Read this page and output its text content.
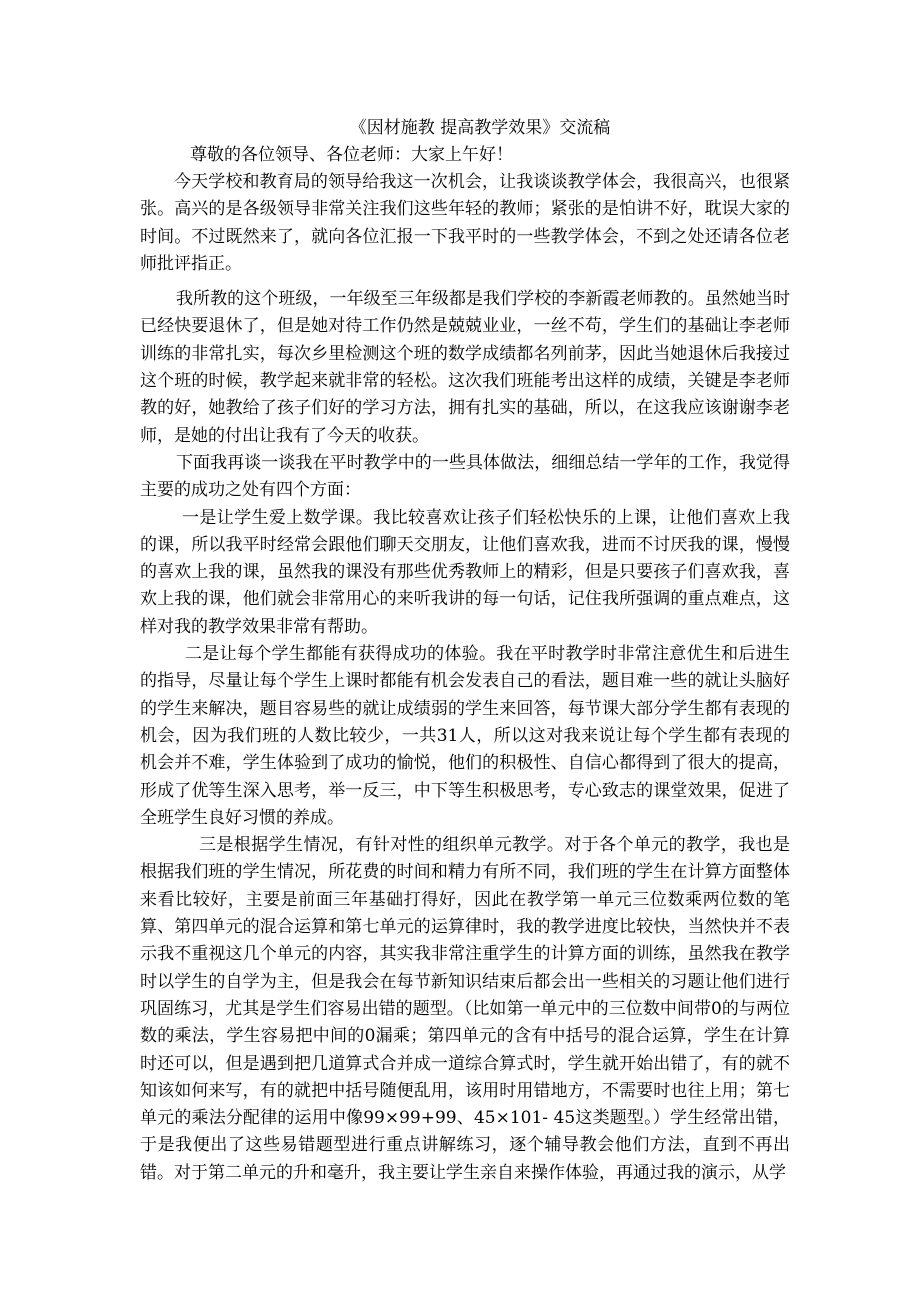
《因材施教 提高教学效果》交流稿

尊敬的各位领导、各位老师：大家上午好！

今天学校和教育局的领导给我这一次机会，让我谈谈教学体会，我很高兴，也很紧张。高兴的是各级领导非常关注我们这些年轻的教师；紧张的是怕讲不好，耽误大家的时间。不过既然来了，就向各位汇报一下我平时的一些教学体会，不到之处还请各位老师批评指正。

我所教的这个班级，一年级至三年级都是我们学校的李新霞老师教的。虽然她当时已经快要退休了，但是她对待工作仍然是兢兢业业，一丝不苟，学生们的基础让李老师训练的非常扎实，每次乡里检测这个班的数学成绩都名列前茅，因此当她退休后我接过这个班的时候，教学起来就非常的轻松。这次我们班能考出这样的成绩，关键是李老师教的好，她教给了孩子们好的学习方法，拥有扎实的基础，所以，在这我应该谢谢李老师，是她的付出让我有了今天的收获。

下面我再谈一谈我在平时教学中的一些具体做法，细细总结一学年的工作，我觉得主要的成功之处有四个方面：

一是让学生爱上数学课。我比较喜欢让孩子们轻松快乐的上课，让他们喜欢上我的课，所以我平时经常会跟他们聊天交朋友，让他们喜欢我，进而不讨厌我的课，慢慢的喜欢上我的课，虽然我的课没有那些优秀教师上的精彩，但是只要孩子们喜欢我，喜欢上我的课，他们就会非常用心的来听我讲的每一句话，记住我所强调的重点难点，这样对我的教学效果非常有帮助。

二是让每个学生都能有获得成功的体验。我在平时教学时非常注意优生和后进生的指导，尽量让每个学生上课时都能有机会发表自己的看法，题目难一些的就让头脑好的学生来解决，题目容易些的就让成绩弱的学生来回答，每节课大部分学生都有表现的机会，因为我们班的人数比较少，一共31人，所以这对我来说让每个学生都有表现的机会并不难，学生体验到了成功的愉悦，他们的积极性、自信心都得到了很大的提高，形成了优等生深入思考，举一反三，中下等生积极思考，专心致志的课堂效果，促进了全班学生良好习惯的养成。

三是根据学生情况，有针对性的组织单元教学。对于各个单元的教学，我也是根据我们班的学生情况，所花费的时间和精力有所不同，我们班的学生在计算方面整体来看比较好，主要是前面三年基础打得好，因此在教学第一单元三位数乘两位数的笔算、第四单元的混合运算和第七单元的运算律时，我的教学进度比较快，当然快并不表示我不重视这几个单元的内容，其实我非常注重学生的计算方面的训练，虽然我在教学时以学生的自学为主，但是我会在每节新知识结束后都会出一些相关的习题让他们进行巩固练习，尤其是学生们容易出错的题型。（比如第一单元中的三位数中间带0的与两位数的乘法，学生容易把中间的0漏乘；第四单元的含有中括号的混合运算，学生在计算时还可以，但是遇到把几道算式合并成一道综合算式时，学生就开始出错了，有的就不知该如何来写，有的就把中括号随便乱用，该用时用错地方，不需要时也往上用；第七单元的乘法分配律的运用中像99×99+99、45×101- 45这类题型。）学生经常出错，于是我便出了这些易错题型进行重点讲解练习，逐个辅导教会他们方法，直到不再出错。对于第二单元的升和毫升，我主要让学生亲自来操作体验，再通过我的演示，从学
